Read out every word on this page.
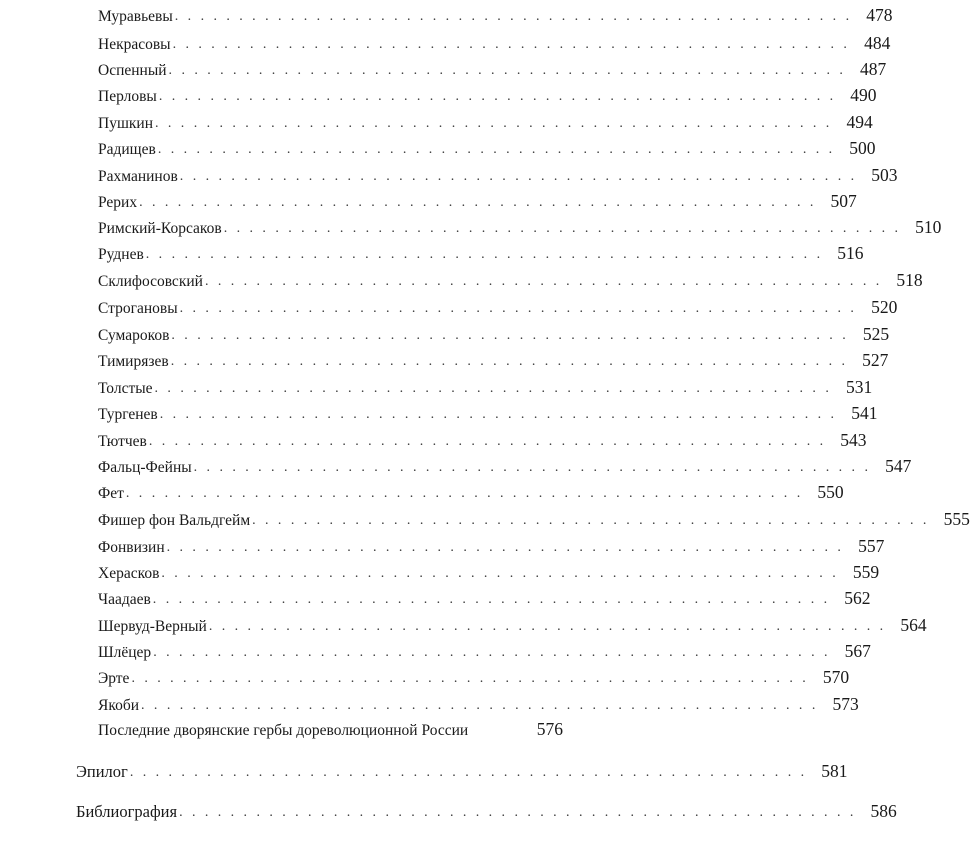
Муравьевы ..................................................... 478
Некрасовы ..................................................... 484
Оспенный ..................................................... 487
Перловы ..................................................... 490
Пушкин ..................................................... 494
Радищев ..................................................... 500
Рахманинов ..................................................... 503
Рерих ..................................................... 507
Римский-Корсаков ..................................................... 510
Руднев ..................................................... 516
Склифосовский ..................................................... 518
Строгановы ..................................................... 520
Сумароков ..................................................... 525
Тимирязев ..................................................... 527
Толстые ..................................................... 531
Тургенев ..................................................... 541
Тютчев ..................................................... 543
Фальц-Фейны ..................................................... 547
Фет ..................................................... 550
Фишер фон Вальдгейм ..................................................... 555
Фонвизин ..................................................... 557
Херасков ..................................................... 559
Чаадаев ..................................................... 562
Шервуд-Верный ..................................................... 564
Шлёцер ..................................................... 567
Эрте ..................................................... 570
Якоби ..................................................... 573
Последние дворянские гербы дореволюционной России	576
Эпилог ..................................................... 581
Библиография ..................................................... 586
